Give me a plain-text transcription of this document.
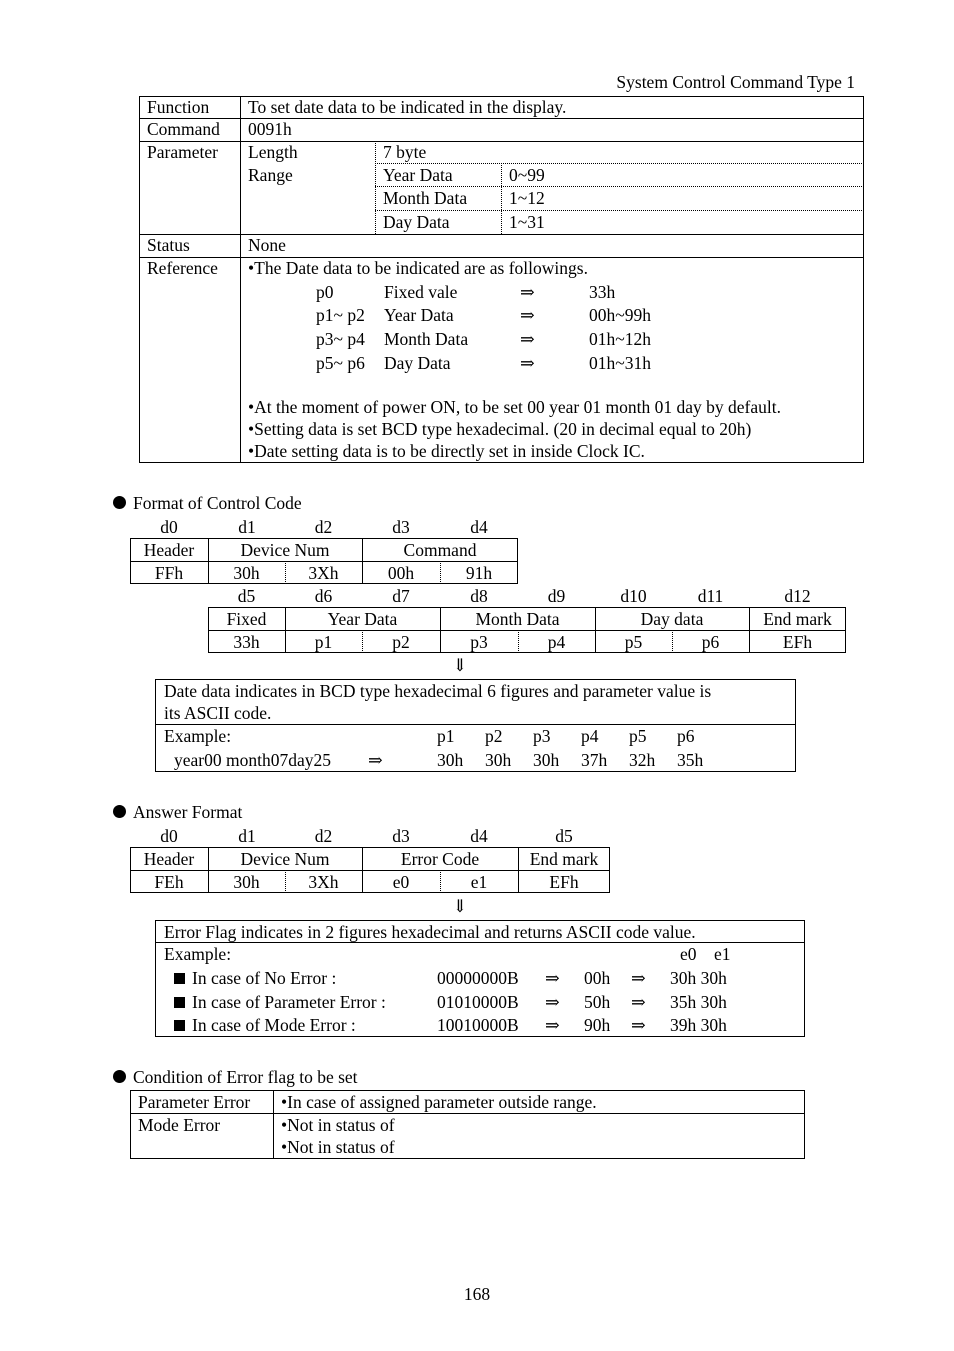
System Control Command Type 1
Function To set date data to be indicated in the display.
Command 0091h
Parameter Length	7 byte
Range	Year Data	0~99
Month Data 1~12
Day Data	1~31
Status	None
Reference •The Date data to be indicated are as followings.
p0	Fixed vale	⇒	33h
p1~ p2 Year Data	⇒	00h~99h
p3~ p4 Month Data	⇒	01h~12h
p5~ p6 Day Data	⇒	01h~31h
•At the moment of power ON, to be set 00 year 01 month 01 day by default.
•Setting data is set BCD type hexadecimal. (20 in decimal equal to 20h)
•Date setting data is to be directly set in inside Clock IC.
Format of Control Code
d0	d1	d2	d3	d4
Header	Device Num	Command
FFh	30h	3Xh	00h	91h
d5	d6	d7	d8	d9	d10	d11	d12
Fixed	Year Data	Month Data	Day data	End mark
33h	p1	p2	p3	p4	p5	p6	EFh
⇓
Date data indicates in BCD type hexadecimal 6 figures and parameter value is
its ASCII code.
Example:	p1 p2 p3 p4 p5 p6
year00 month07day25 ⇒	30h 30h 30h 37h 32h 35h
Answer Format
d0	d1	d2	d3	d4	d5
Header	Device Num	Error Code	End mark
FEh	30h	3Xh	e0	e1	EFh
⇓
Error Flag indicates in 2 figures hexadecimal and returns ASCII code value.
Example:	e0    e1
In case of No Error :	00000000B ⇒ 00h ⇒ 30h 30h
In case of Parameter Error :	01010000B ⇒ 50h ⇒ 35h 30h
In case of Mode Error :	10010000B ⇒ 90h ⇒ 39h 30h
Condition of Error flag to be set
Parameter Error •In case of assigned parameter outside range.
Mode Error	•Not in status of
•Not in status of
168
